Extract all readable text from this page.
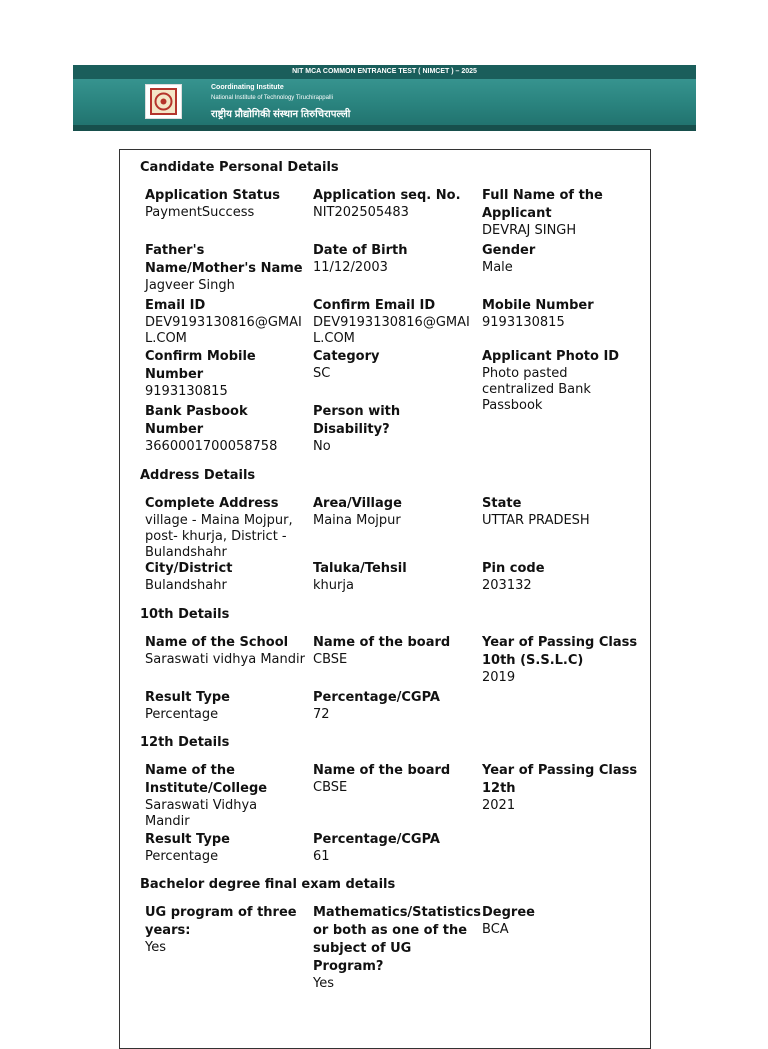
NIT MCA COMMON ENTRANCE TEST ( NIMCET ) – 2025
Coordinating Institute
National Institute of Technology Tiruchirappalli
राष्ट्रीय प्रौद्योगिकी संस्थान तिरुचिरापल्ली
Candidate Personal Details
Application Status
PaymentSuccess
Application seq. No.
NIT202505483
Full Name of the Applicant
DEVRAJ SINGH
Father's Name/Mother's Name
Jagveer Singh
Date of Birth
11/12/2003
Gender
Male
Email ID
DEV9193130816@GMAIL.COM
Confirm Email ID
DEV9193130816@GMAIL.COM
Mobile Number
9193130815
Confirm Mobile Number
9193130815
Category
SC
Applicant Photo ID
Photo pasted centralized Bank Passbook
Bank Pasbook Number
3660001700058758
Person with Disability?
No
Address Details
Complete Address
village - Maina Mojpur, post- khurja, District - Bulandshahr
Area/Village
Maina Mojpur
State
UTTAR PRADESH
City/District
Bulandshahr
Taluka/Tehsil
khurja
Pin code
203132
10th Details
Name of the School
Saraswati vidhya Mandir
Name of the board
CBSE
Year of Passing Class 10th (S.S.L.C)
2019
Result Type
Percentage
Percentage/CGPA
72
12th Details
Name of the Institute/College
Saraswati Vidhya Mandir
Name of the board
CBSE
Year of Passing Class 12th
2021
Result Type
Percentage
Percentage/CGPA
61
Bachelor degree final exam details
UG program of three years:
Yes
Mathematics/Statistics or both as one of the subject of UG Program?
Yes
Degree
BCA
